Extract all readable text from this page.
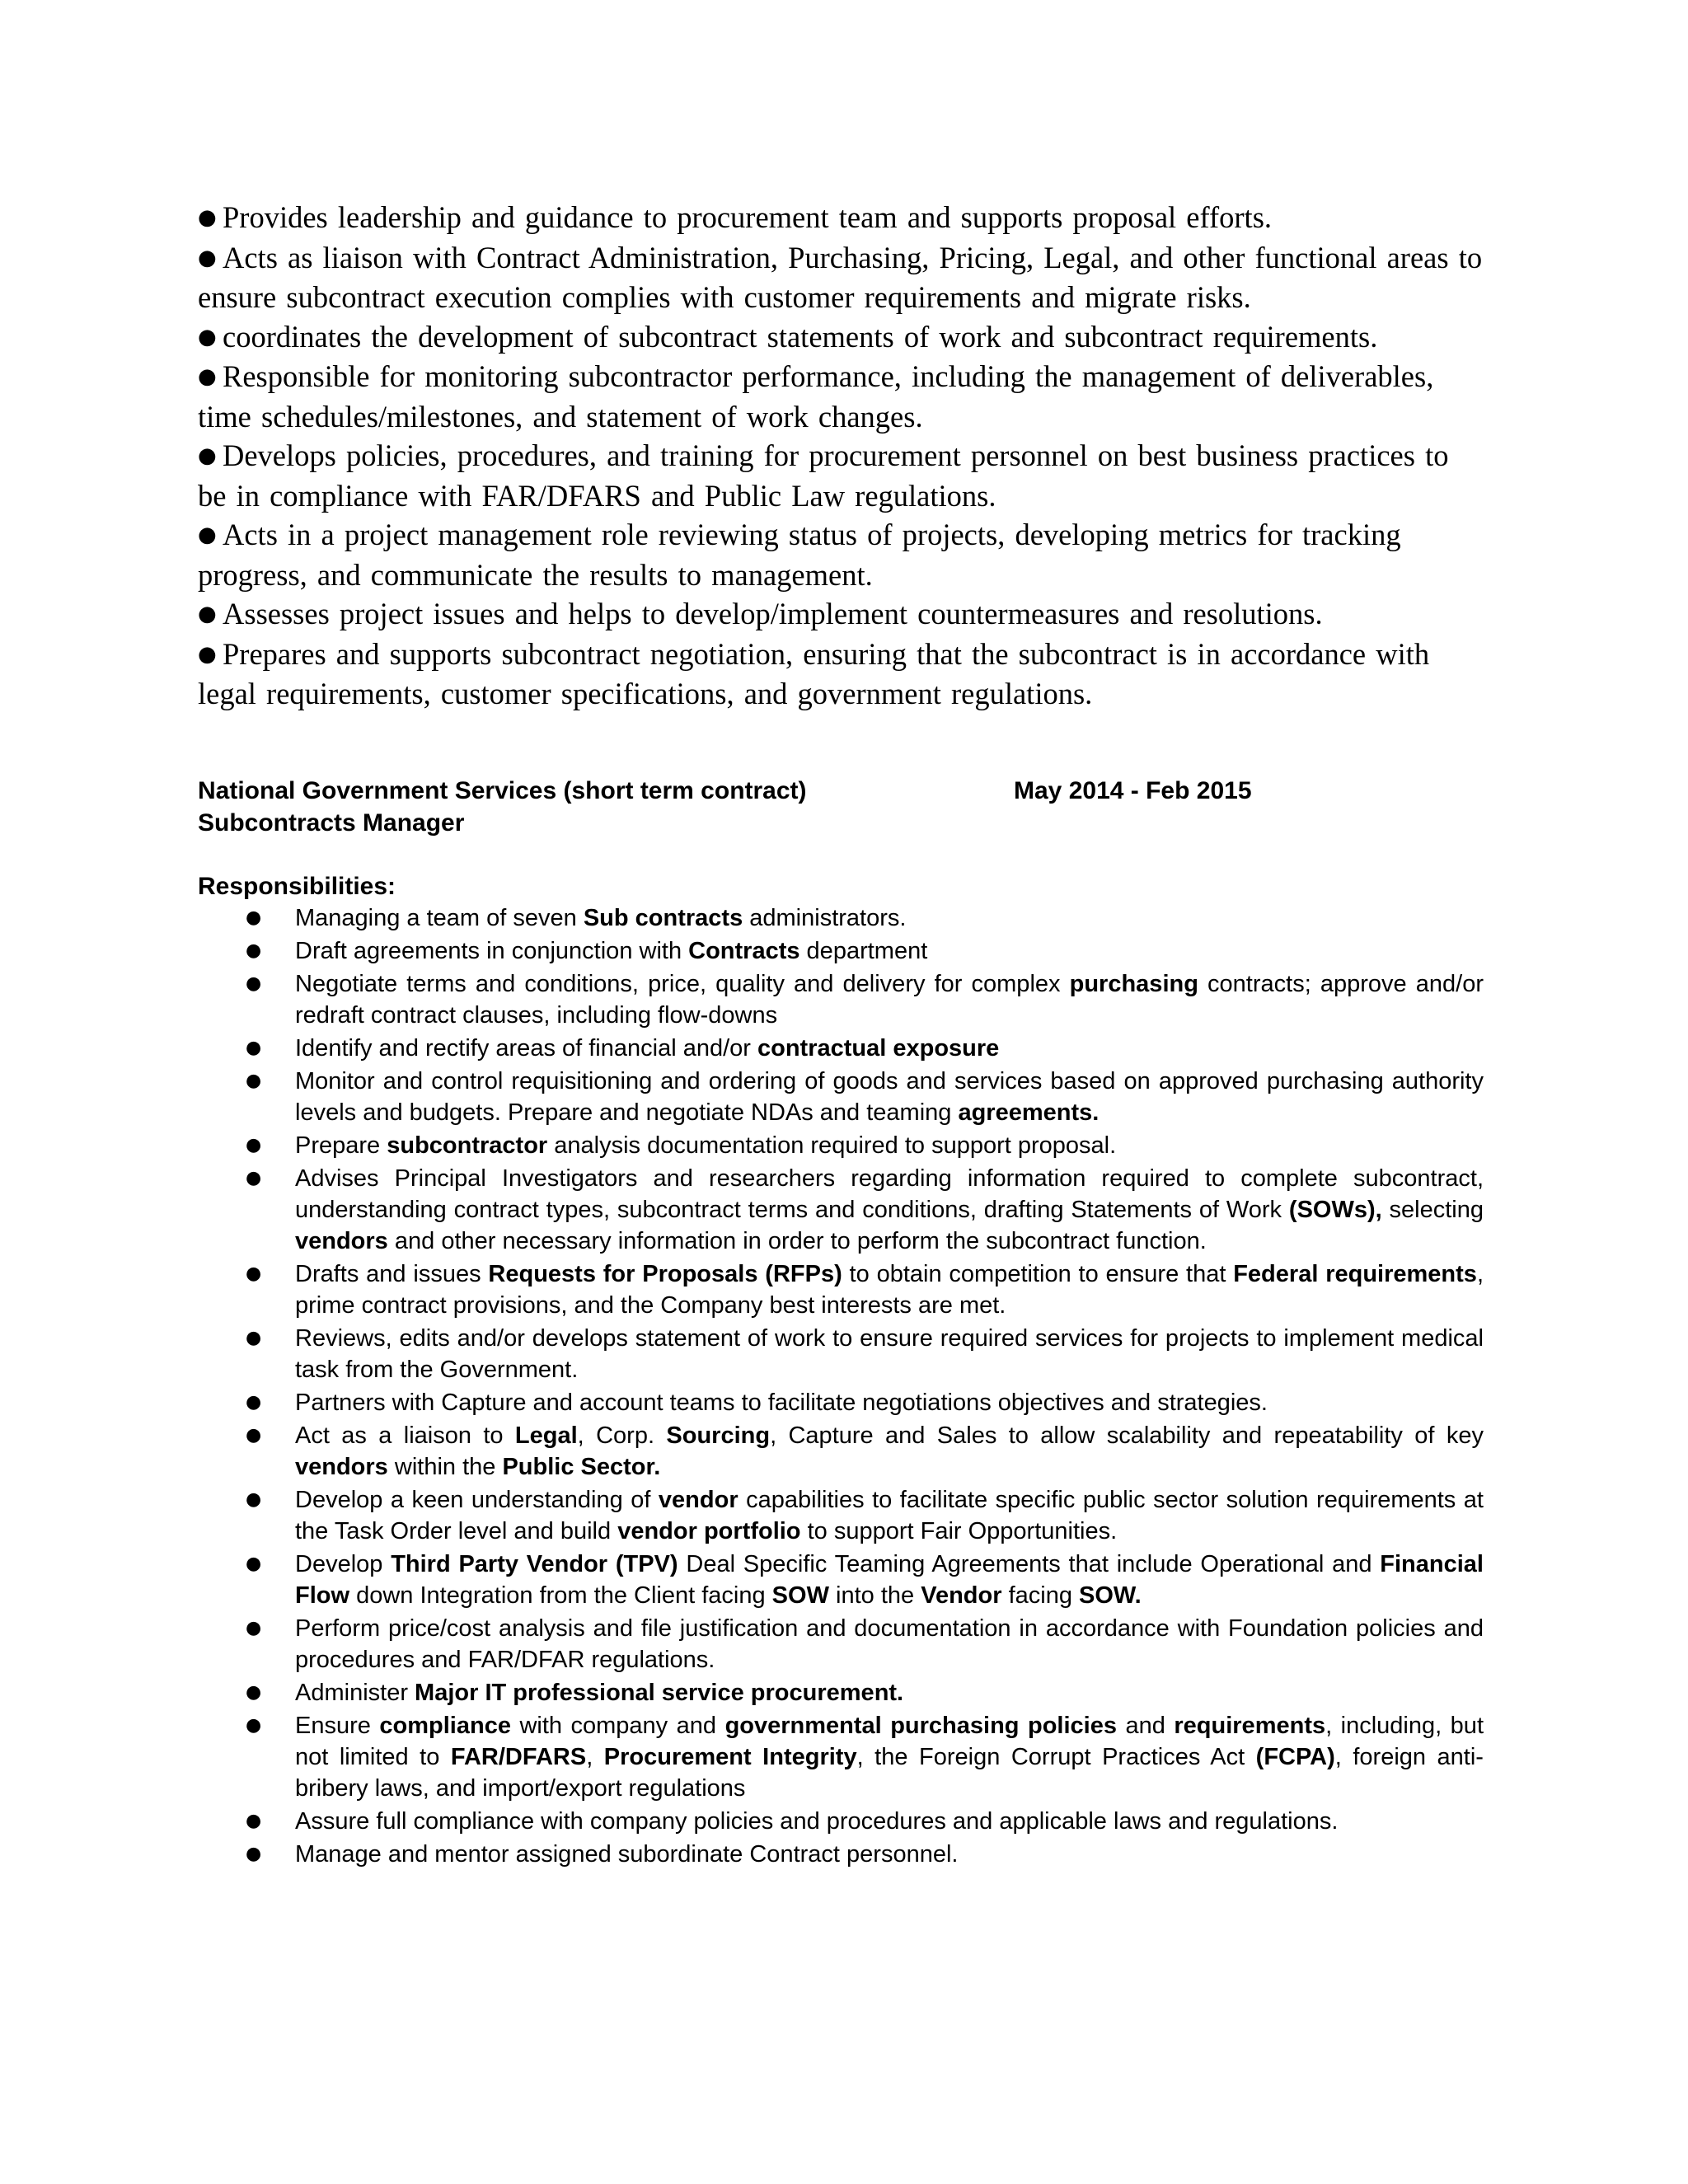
● Provides leadership and guidance to procurement team and supports proposal efforts.

● Acts as liaison with Contract Administration, Purchasing, Pricing, Legal, and other functional areas to ensure subcontract execution complies with customer requirements and migrate risks.

● coordinates the development of subcontract statements of work and subcontract requirements.

● Responsible for monitoring subcontractor performance, including the management of deliverables, time schedules/milestones, and statement of work changes.

● Develops policies, procedures, and training for procurement personnel on best business practices to be in compliance with FAR/DFARS and Public Law regulations.

● Acts in a project management role reviewing status of projects, developing metrics for tracking progress, and communicate the results to management.

● Assesses project issues and helps to develop/implement countermeasures and resolutions.

● Prepares and supports subcontract negotiation, ensuring that the subcontract is in accordance with legal requirements, customer specifications, and government regulations.

National Government Services (short term contract)	May 2014 - Feb 2015
Subcontracts Manager
Responsibilities:
● Managing a team of seven Sub contracts administrators.
● Draft agreements in conjunction with Contracts department
● Negotiate terms and conditions, price, quality and delivery for complex purchasing contracts; approve and/or redraft contract clauses, including flow-downs
● Identify and rectify areas of financial and/or contractual exposure
● Monitor and control requisitioning and ordering of goods and services based on approved purchasing authority levels and budgets. Prepare and negotiate NDAs and teaming agreements.
● Prepare subcontractor analysis documentation required to support proposal.
● Advises Principal Investigators and researchers regarding information required to complete subcontract, understanding contract types, subcontract terms and conditions, drafting Statements of Work (SOWs), selecting vendors and other necessary information in order to perform the subcontract function.
● Drafts and issues Requests for Proposals (RFPs) to obtain competition to ensure that Federal requirements, prime contract provisions, and the Company best interests are met.
● Reviews, edits and/or develops statement of work to ensure required services for projects to implement medical task from the Government.
● Partners with Capture and account teams to facilitate negotiations objectives and strategies.
● Act as a liaison to Legal, Corp. Sourcing, Capture and Sales to allow scalability and repeatability of key vendors within the Public Sector.
● Develop a keen understanding of vendor capabilities to facilitate specific public sector solution requirements at the Task Order level and build vendor portfolio to support Fair Opportunities.
● Develop Third Party Vendor (TPV) Deal Specific Teaming Agreements that include Operational and Financial Flow down Integration from the Client facing SOW into the Vendor facing SOW.
● Perform price/cost analysis and file justification and documentation in accordance with Foundation policies and procedures and FAR/DFAR regulations.
● Administer Major IT professional service procurement.
● Ensure compliance with company and governmental purchasing policies and requirements, including, but not limited to FAR/DFARS, Procurement Integrity, the Foreign Corrupt Practices Act (FCPA), foreign anti-bribery laws, and import/export regulations
● Assure full compliance with company policies and procedures and applicable laws and regulations.
● Manage and mentor assigned subordinate Contract personnel.
